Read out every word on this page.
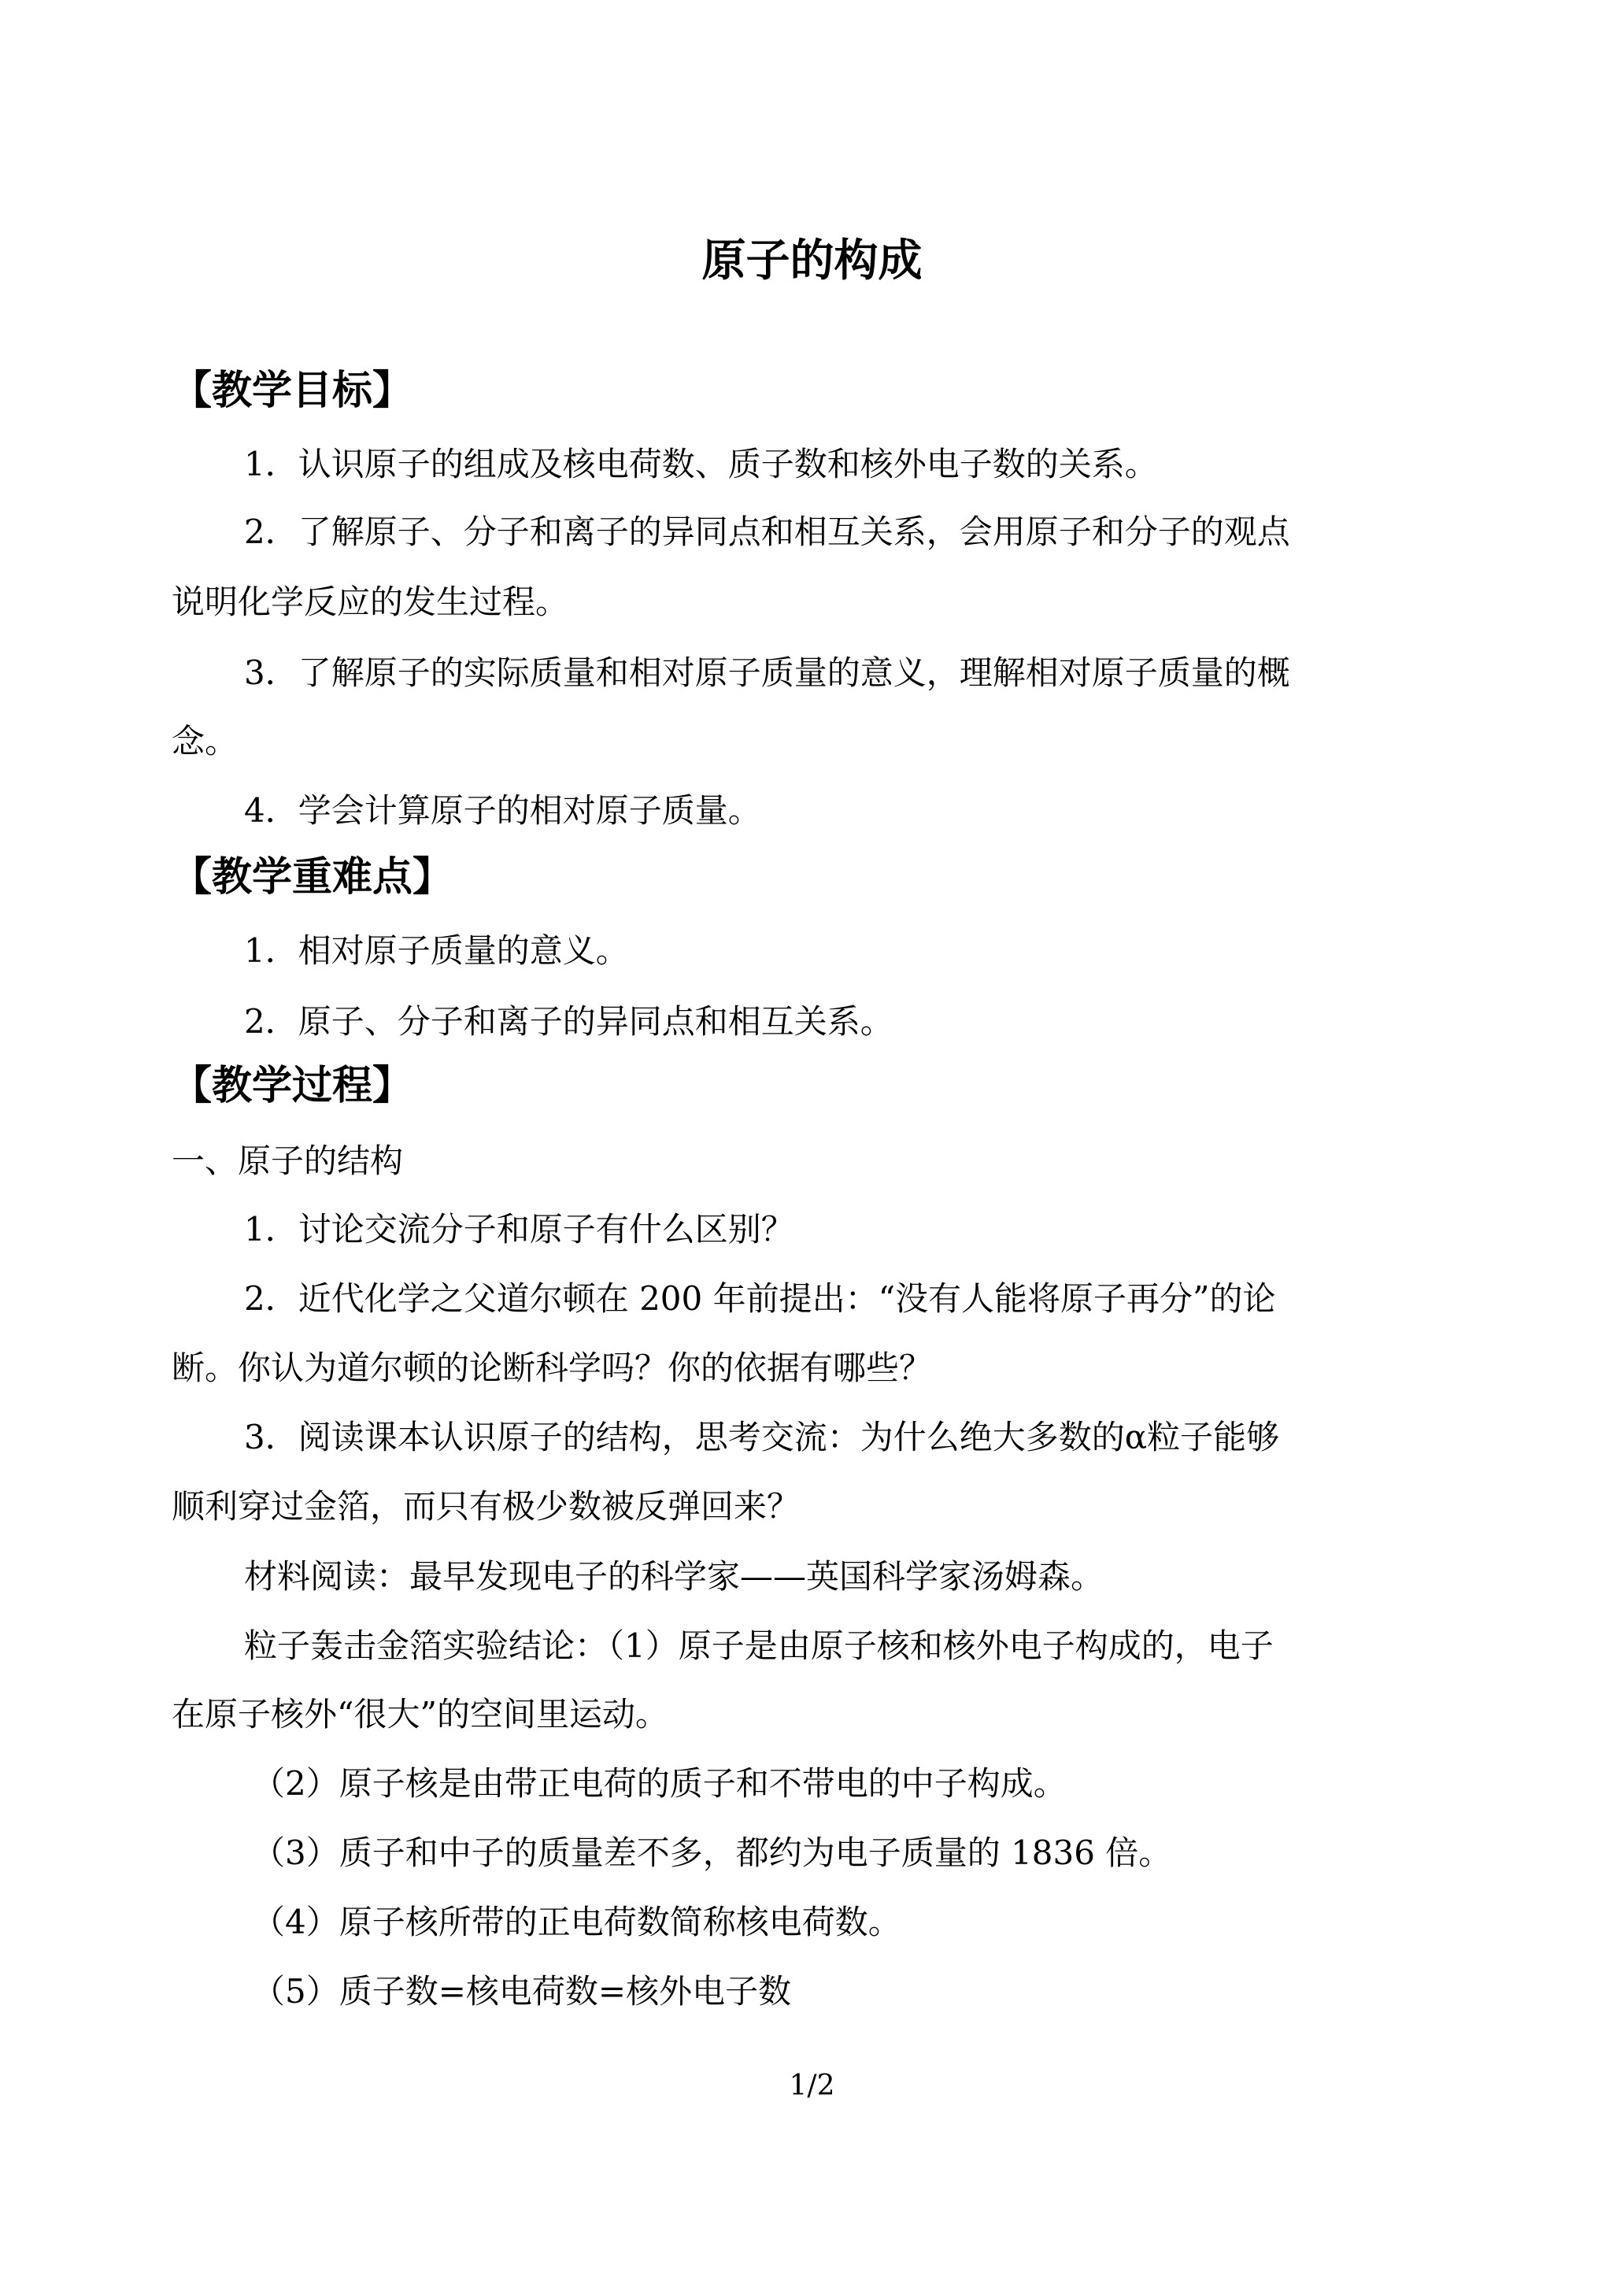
原子的构成
【教学目标】
1．认识原子的组成及核电荷数、质子数和核外电子数的关系。
2．了解原子、分子和离子的异同点和相互关系，会用原子和分子的观点
说明化学反应的发生过程。
3．了解原子的实际质量和相对原子质量的意义，理解相对原子质量的概
念。
4．学会计算原子的相对原子质量。
【教学重难点】
1．相对原子质量的意义。
2．原子、分子和离子的异同点和相互关系。
【教学过程】
一、原子的结构
1．讨论交流分子和原子有什么区别？
2．近代化学之父道尔顿在 200 年前提出：“没有人能将原子再分”的论
断。你认为道尔顿的论断科学吗？你的依据有哪些？
3．阅读课本认识原子的结构，思考交流：为什么绝大多数的α粒子能够
顺利穿过金箔，而只有极少数被反弹回来？
材料阅读：最早发现电子的科学家——英国科学家汤姆森。
粒子轰击金箔实验结论：（1）原子是由原子核和核外电子构成的，电子
在原子核外“很大”的空间里运动。
（2）原子核是由带正电荷的质子和不带电的中子构成。
（3）质子和中子的质量差不多，都约为电子质量的 1836 倍。
（4）原子核所带的正电荷数简称核电荷数。
（5）质子数=核电荷数=核外电子数
1/2
